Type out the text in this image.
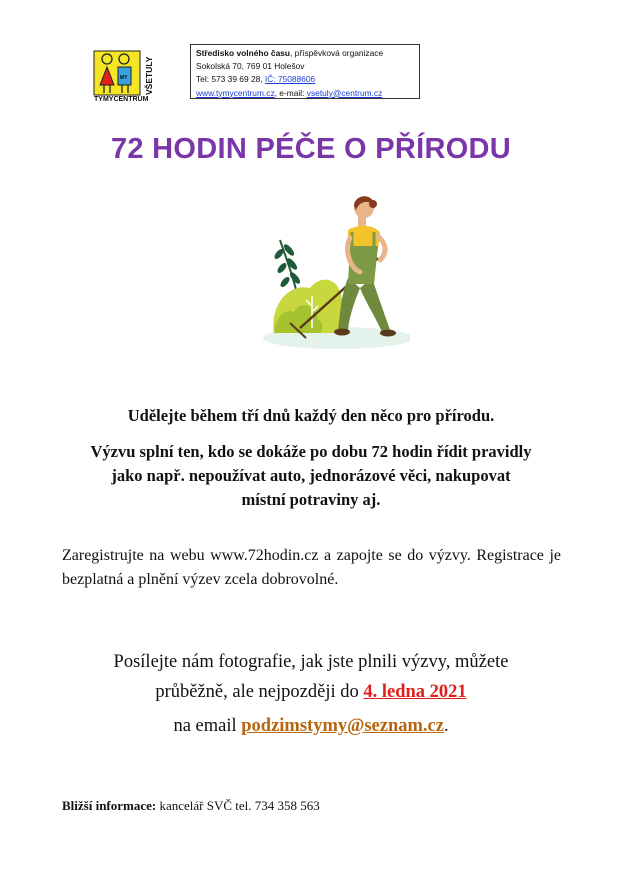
MY
TYMYCENTRUM
VŠETULY
Středisko volného času, příspěvková organizace
Sokolská 70, 769 01 Holešov
Tel: 573 39 69 28, IČ: 75088606
www.tymycentrum.cz, e-mail: vsetuly@centrum.cz
72 HODIN PÉČE O PŘÍRODU
Udělejte během tří dnů každý den něco pro přírodu.
Výzvu splní ten, kdo se dokáže po dobu 72 hodin řídit pravidly
jako např. nepoužívat auto, jednorázové věci, nakupovat
místní potraviny aj.
Zaregistrujte na webu www.72hodin.cz a zapojte se do výzvy. Registrace je bezplatná a plnění výzev zcela dobrovolné.
Posílejte nám fotografie, jak jste plnili výzvy, můžete
průběžně, ale nejpozději do 4. ledna 2021
na email podzimstymy@seznam.cz.
Bližší informace: kancelář SVČ tel. 734 358 563
